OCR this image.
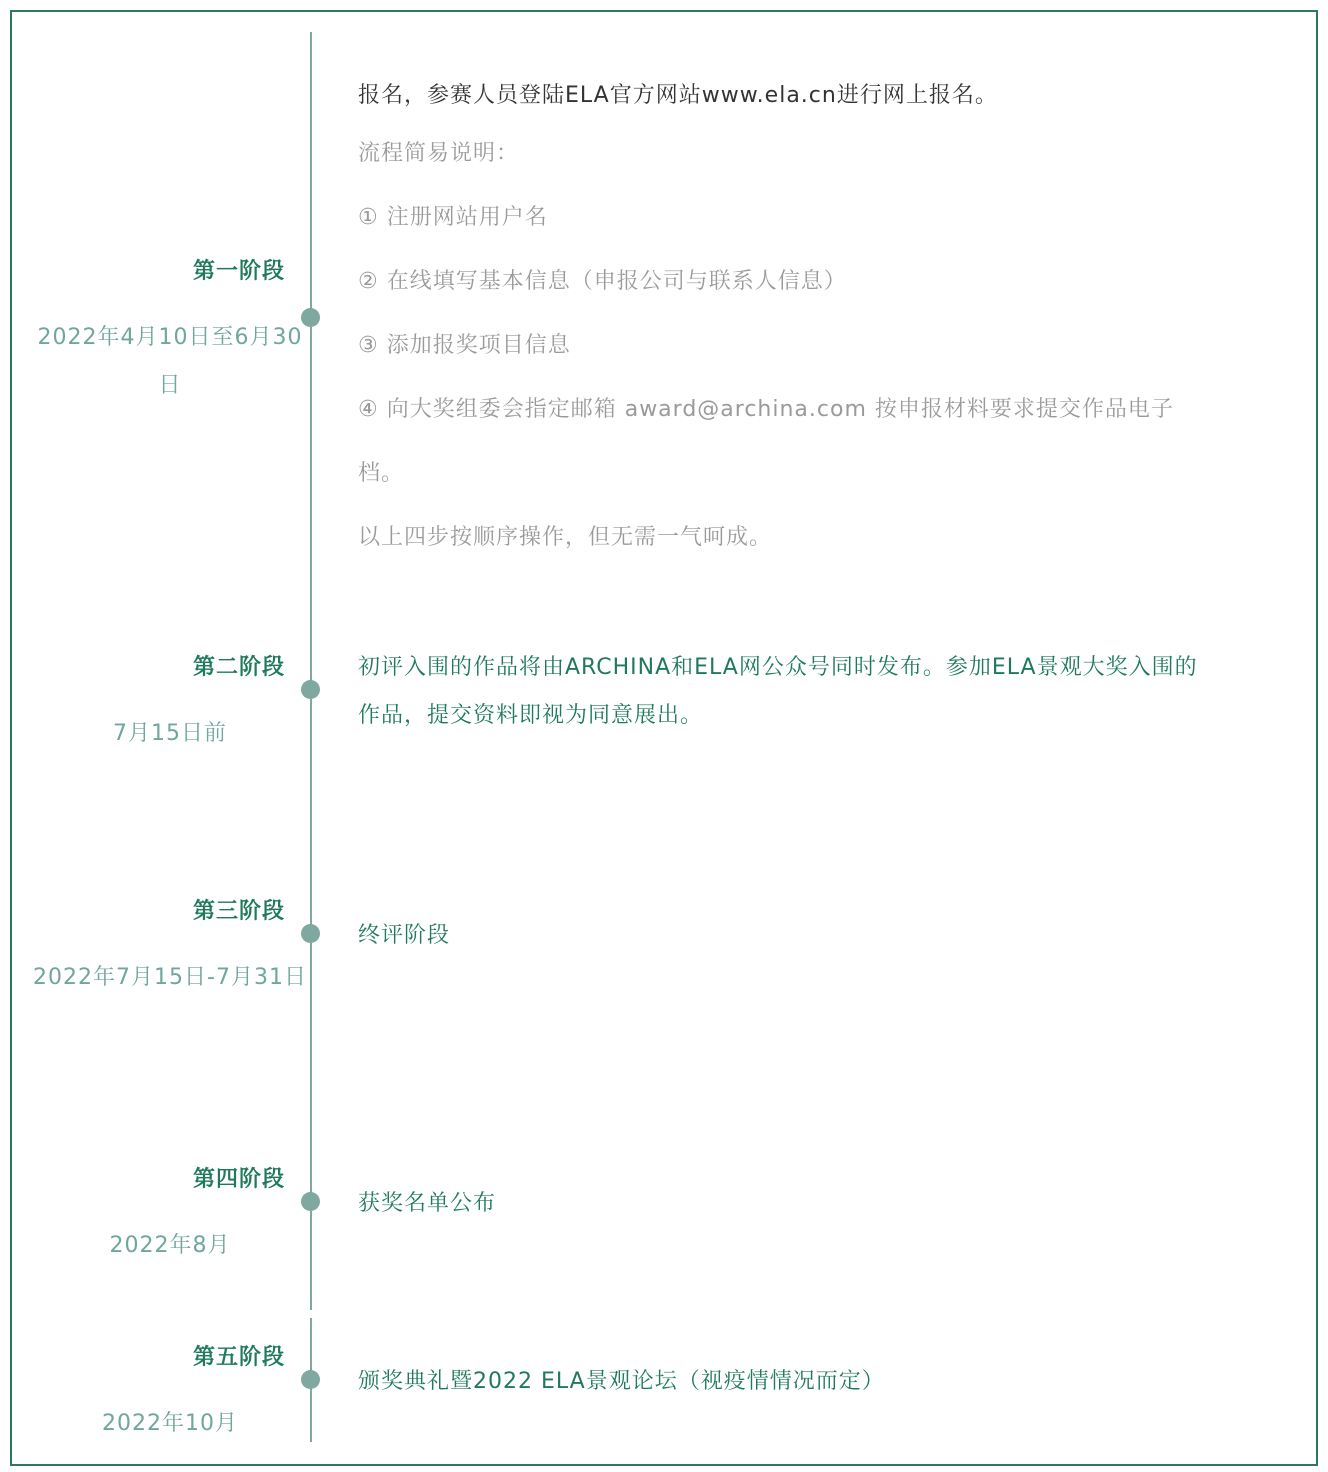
第一阶段
2022年4月10日至6月30日
报名，参赛人员登陆ELA官方网站www.ela.cn进行网上报名。
流程简易说明：
① 注册网站用户名
② 在线填写基本信息（申报公司与联系人信息）
③ 添加报奖项目信息
④ 向大奖组委会指定邮箱 award@archina.com 按申报材料要求提交作品电子
档。
以上四步按顺序操作，但无需一气呵成。
第二阶段
7月15日前
初评入围的作品将由ARCHINA和ELA网公众号同时发布。参加ELA景观大奖入围的
作品，提交资料即视为同意展出。
第三阶段
2022年7月15日-7月31日
终评阶段
第四阶段
2022年8月
获奖名单公布
第五阶段
2022年10月
颁奖典礼暨2022 ELA景观论坛（视疫情情况而定）
